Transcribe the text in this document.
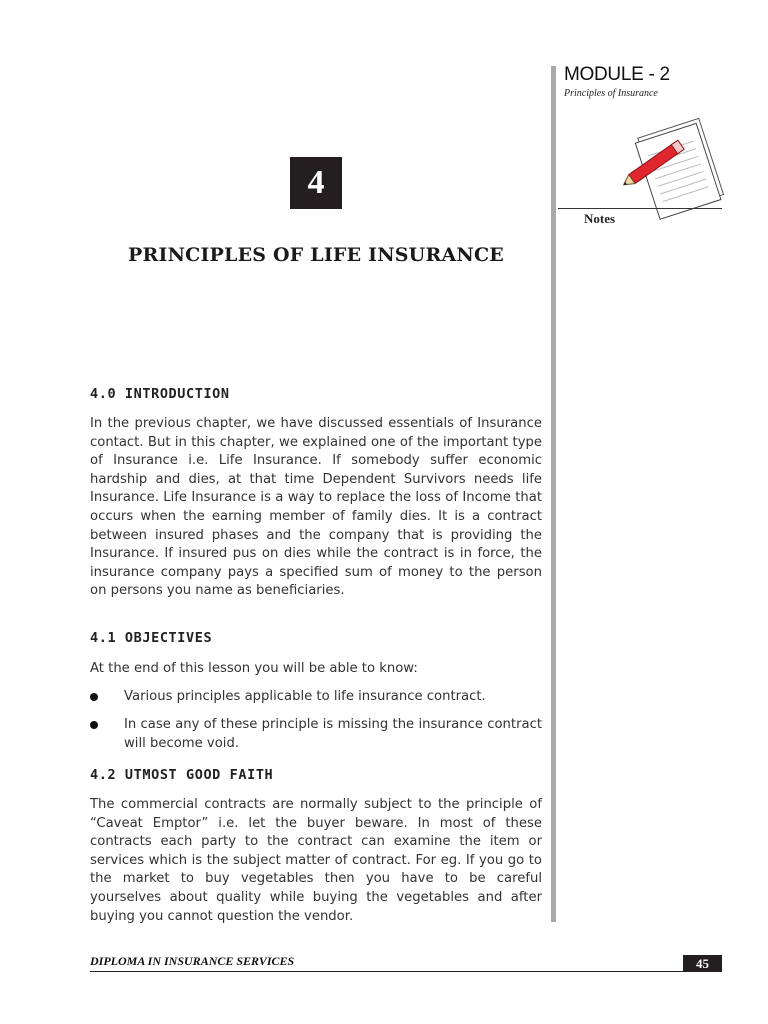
MODULE - 2
Principles of Insurance
Notes
4
PRINCIPLES OF LIFE INSURANCE
4.0 INTRODUCTION

In the previous chapter, we have discussed essentials of Insurance contact. But in this chapter, we explained one of the important type of Insurance i.e. Life Insurance. If somebody suffer economic hardship and dies, at that time Dependent Survivors needs life Insurance. Life Insurance is a way to replace the loss of Income that occurs when the earning member of family dies. It is a contract between insured phases and the company that is providing the Insurance. If insured pus on dies while the contract is in force, the insurance company pays a specified sum of money to the person on persons you name as beneficiaries.

4.1 OBJECTIVES
At the end of this lesson you will be able to know:
Various principles applicable to life insurance contract.
In case any of these principle is missing the insurance contract will become void.
4.2 UTMOST GOOD FAITH

The commercial contracts are normally subject to the principle of “Caveat Emptor” i.e. let the buyer beware. In most of these contracts each party to the contract can examine the item or services which is the subject matter of contract. For eg. If you go to the market to buy vegetables then you have to be careful yourselves about quality while buying the vegetables and after buying you cannot question the vendor.

DIPLOMA IN INSURANCE SERVICES	45
